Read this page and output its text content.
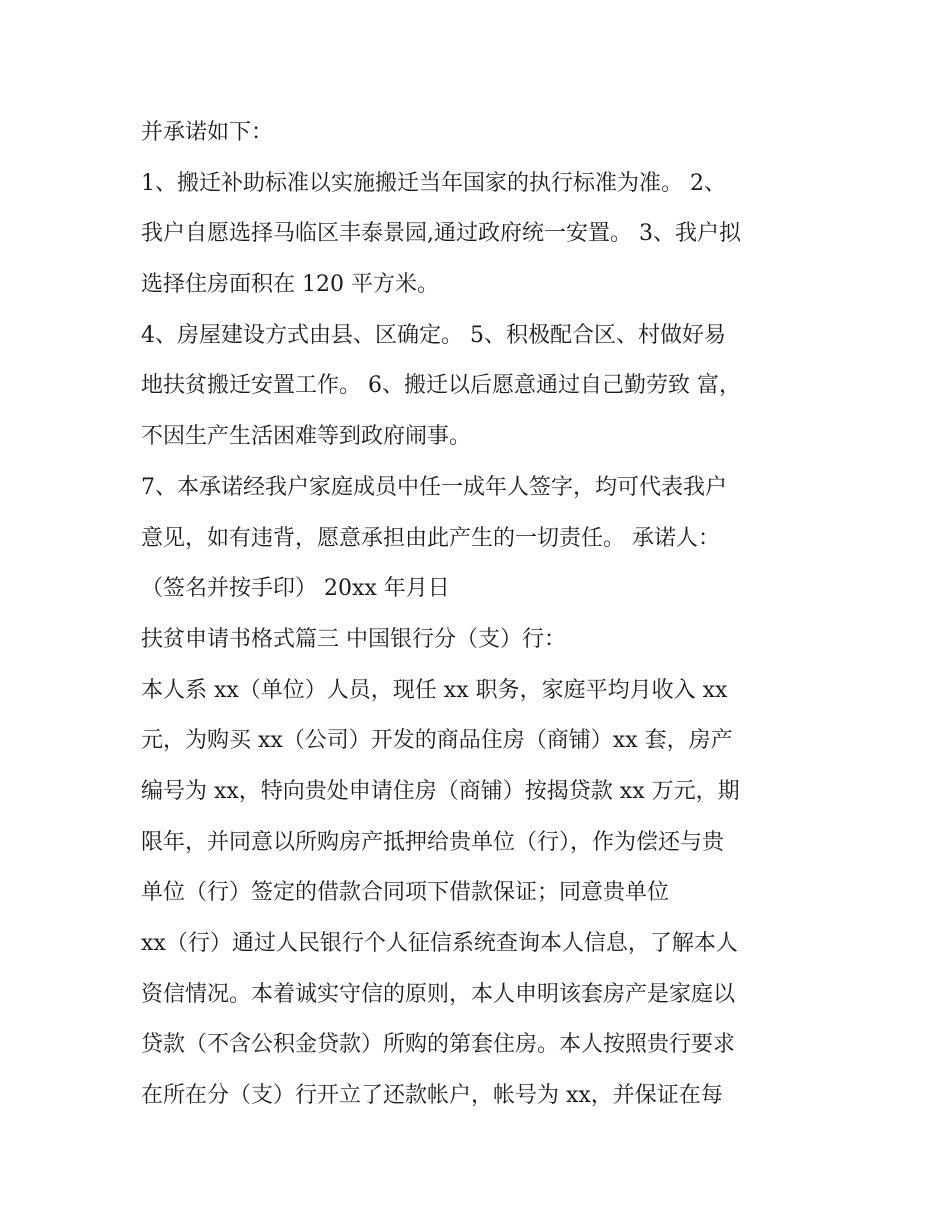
并承诺如下：
1、搬迁补助标准以实施搬迁当年国家的执行标准为准。 2、
我户自愿选择马临区丰泰景园,通过政府统一安置。 3、我户拟
选择住房面积在 120 平方米。
4、房屋建设方式由县、区确定。 5、积极配合区、村做好易
地扶贫搬迁安置工作。 6、搬迁以后愿意通过自己勤劳致 富，
不因生产生活困难等到政府闹事。
7、本承诺经我户家庭成员中任一成年人签字，均可代表我户
意见，如有违背，愿意承担由此产生的一切责任。 承诺人：
（签名并按手印） 20xx 年月日
扶贫申请书格式篇三 中国银行分（支）行：
本人系 xx（单位）人员，现任 xx 职务，家庭平均月收入 xx
元，为购买 xx（公司）开发的商品住房（商铺）xx 套，房产
编号为 xx，特向贵处申请住房（商铺）按揭贷款 xx 万元，期
限年，并同意以所购房产抵押给贵单位（行），作为偿还与贵
单位（行）签定的借款合同项下借款保证；同意贵单位
xx（行）通过人民银行个人征信系统查询本人信息，了解本人
资信情况。本着诚实守信的原则，本人申明该套房产是家庭以
贷款（不含公积金贷款）所购的第套住房。本人按照贵行要求
在所在分（支）行开立了还款帐户，帐号为 xx，并保证在每
